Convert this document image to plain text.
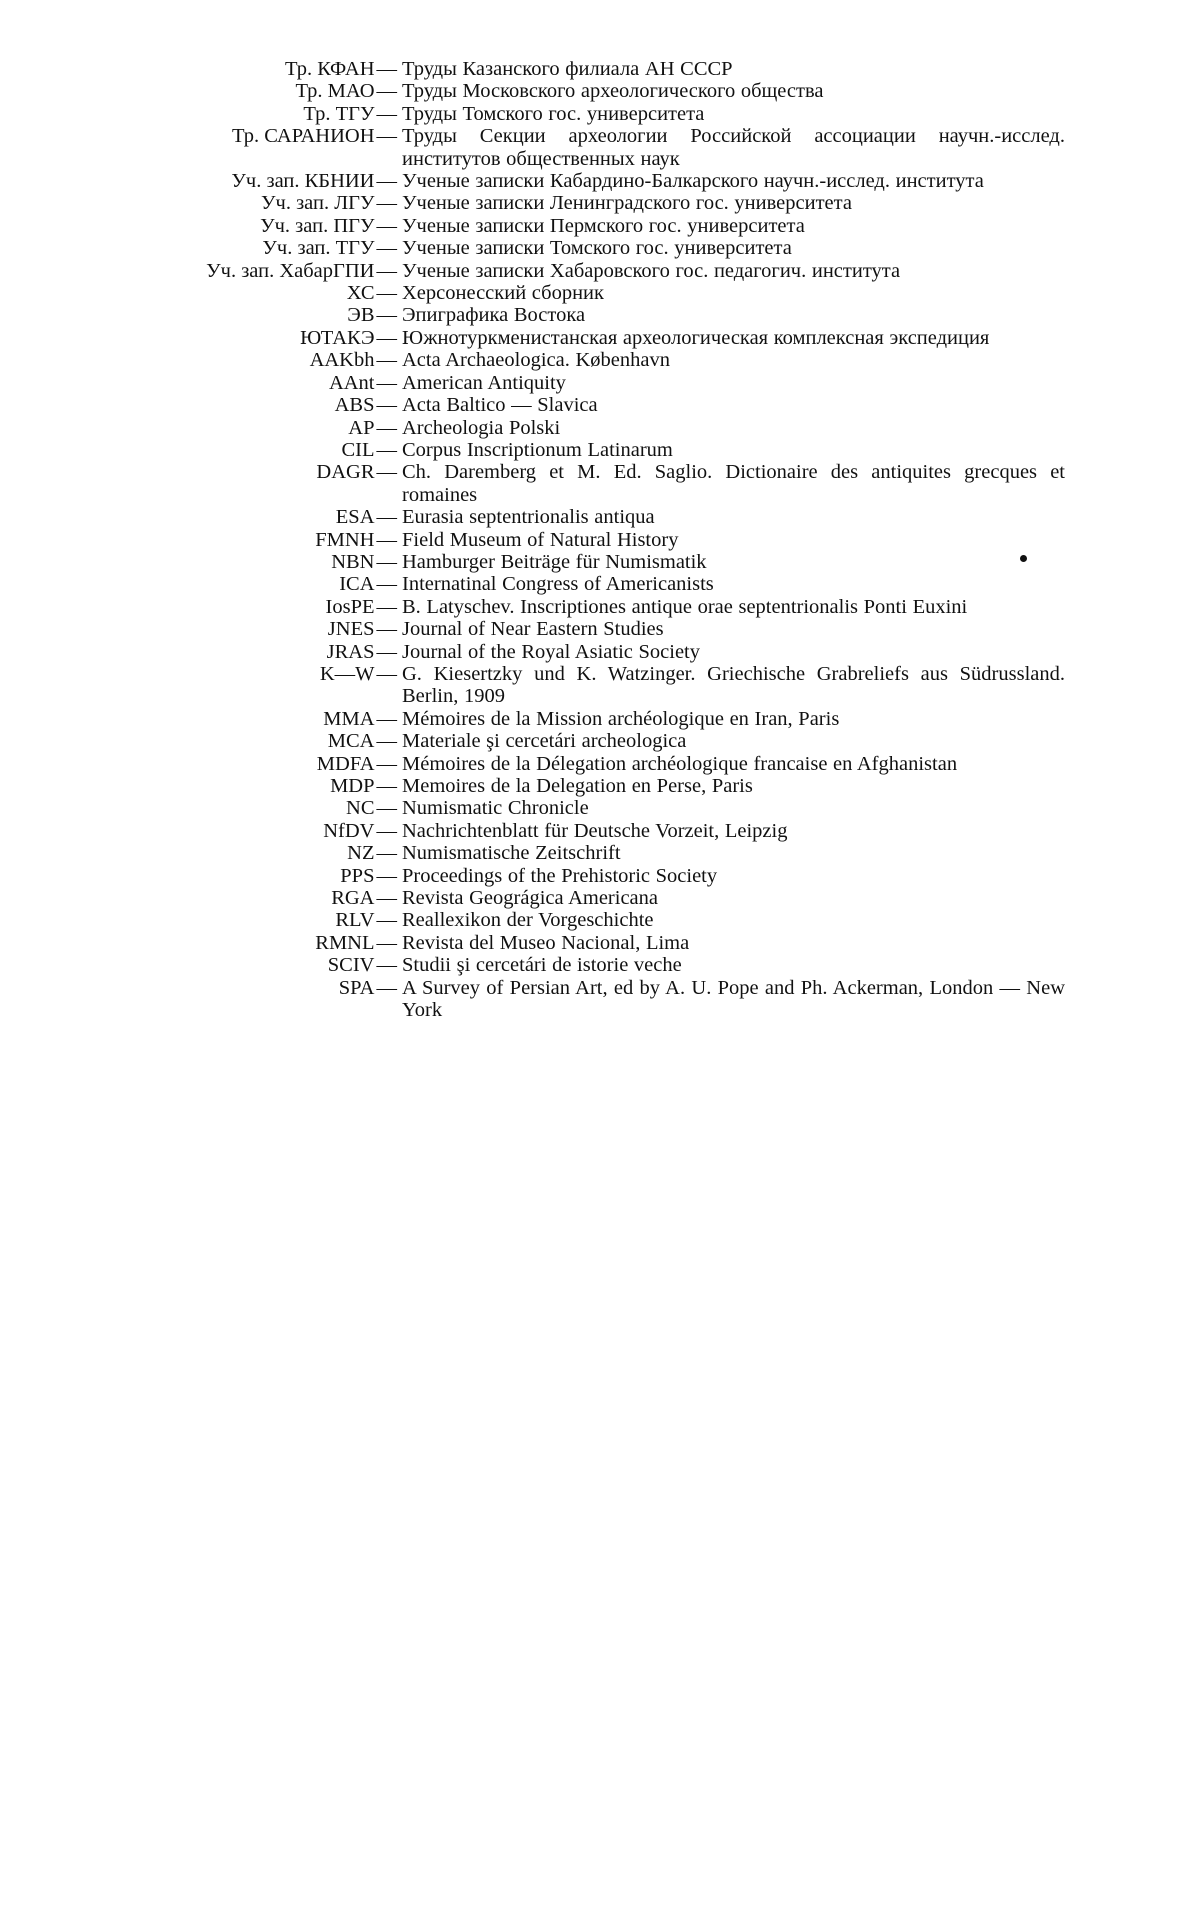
Тр. КФАН— Труды Казанского филиала АН СССР
Тр. МАО— Труды Московского археологического общества
Тр. ТГУ— Труды Томского гос. университета
Тр. САРАНИОН— Труды Секции археологии Российской ассоциации научн.-исслед. институтов общественных наук
Уч. зап. КБНИИ— Ученые записки Кабардино-Балкарского научн.-исслед. института
Уч. зап. ЛГУ— Ученые записки Ленинградского гос. университета
Уч. зап. ПГУ— Ученые записки Пермского гос. университета
Уч. зап. ТГУ— Ученые записки Томского гос. университета
Уч. зап. ХабарГПИ— Ученые записки Хабаровского гос. педагогич. института
ХС— Херсонесский сборник
ЭВ— Эпиграфика Востока
ЮТАКЭ— Южнотуркменистанская археологическая комплексная экспедиция
AAKbh— Acta Archaeologica. København
AAnt— American Antiquity
ABS— Acta Baltico — Slavica
AP— Archeologia Polski
CIL— Corpus Inscriptionum Latinarum
DAGR— Ch. Daremberg et M. Ed. Saglio. Dictionaire des antiquites grecques et romaines
ESA— Eurasia septentrionalis antiqua
FMNH— Field Museum of Natural History
NBN— Hamburger Beiträge für Numismatik
ICA— Internatinal Congress of Americanists
IosPE— B. Latyschev. Inscriptiones antique orae septentrionalis Ponti Euxini
JNES— Journal of Near Eastern Studies
JRAS— Journal of the Royal Asiatic Society
K—W— G. Kiesertzky und K. Watzinger. Griechische Grabreliefs aus Südrussland. Berlin, 1909
MMA— Mémoires de la Mission archéologique en Iran, Paris
MCA— Materiale şi cercetári archeologica
MDFA— Mémoires de la Délegation archéologique francaise en Afghanistan
MDP— Memoires de la Delegation en Perse, Paris
NC— Numismatic Chronicle
NfDV— Nachrichtenblatt für Deutsche Vorzeit, Leipzig
NZ— Numismatische Zeitschrift
PPS— Proceedings of the Prehistoric Society
RGA— Revista Geográgica Americana
RLV— Reallexikon der Vorgeschichte
RMNL— Revista del Museo Nacional, Lima
SCIV— Studii şi cercetári de istorie veche
SPA— A Survey of Persian Art, ed by A. U. Pope and Ph. Ackerman, London — New York
